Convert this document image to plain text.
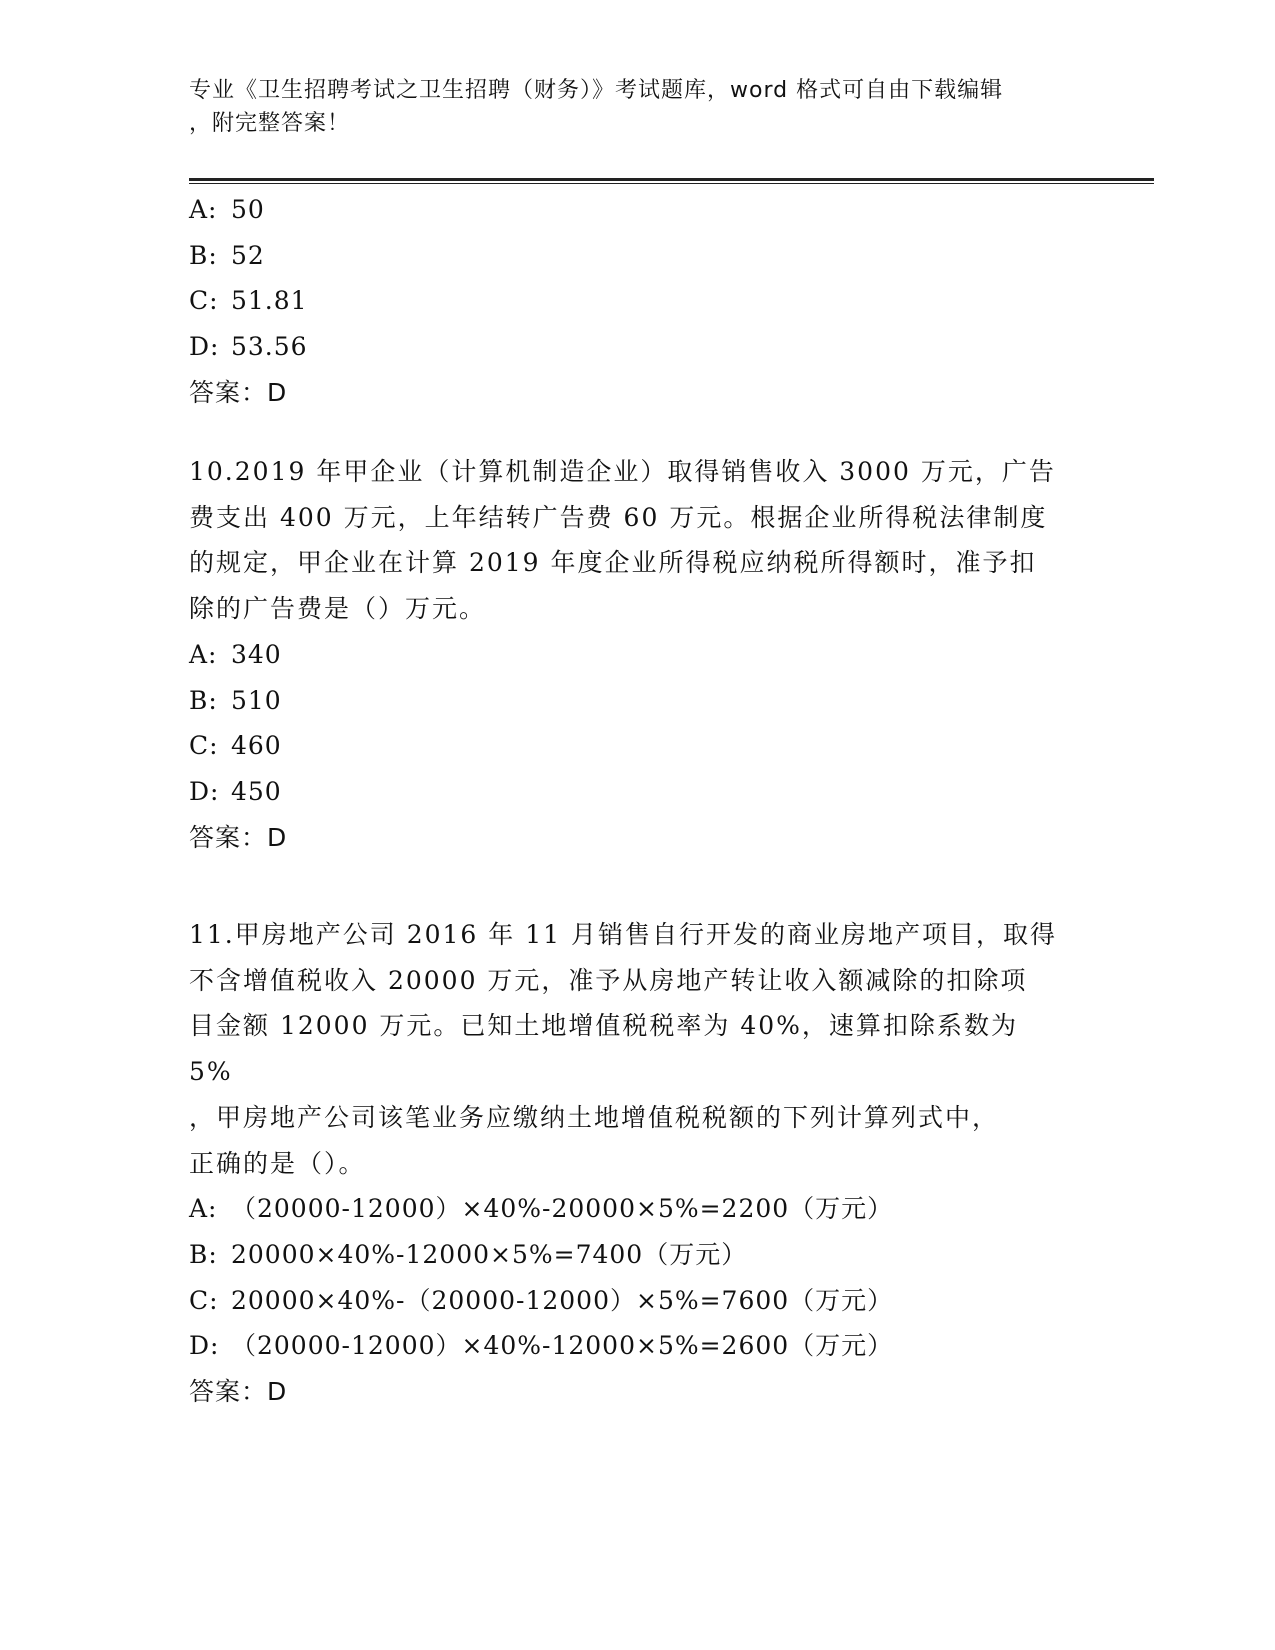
专业《卫生招聘考试之卫生招聘（财务）》考试题库，word 格式可自由下载编辑
，附完整答案！

A: 50

B: 52

C: 51.81

D: 53.56

答案：D

10.2019 年甲企业（计算机制造企业）取得销售收入 3000 万元，广告

费支出 400 万元，上年结转广告费 60 万元。根据企业所得税法律制度

的规定，甲企业在计算 2019 年度企业所得税应纳税所得额时，准予扣

除的广告费是（）万元。

A: 340

B: 510

C: 460

D: 450

答案：D

11.甲房地产公司 2016 年 11 月销售自行开发的商业房地产项目，取得

不含增值税收入 20000 万元，准予从房地产转让收入额减除的扣除项

目金额 12000 万元。已知土地增值税税率为 40%，速算扣除系数为 5%

，甲房地产公司该笔业务应缴纳土地增值税税额的下列计算列式中，

正确的是（）。

A: （20000-12000）×40%-20000×5%=2200（万元）

B: 20000×40%-12000×5%=7400（万元）

C: 20000×40%-（20000-12000）×5%=7600（万元）

D: （20000-12000）×40%-12000×5%=2600（万元）

答案：D
